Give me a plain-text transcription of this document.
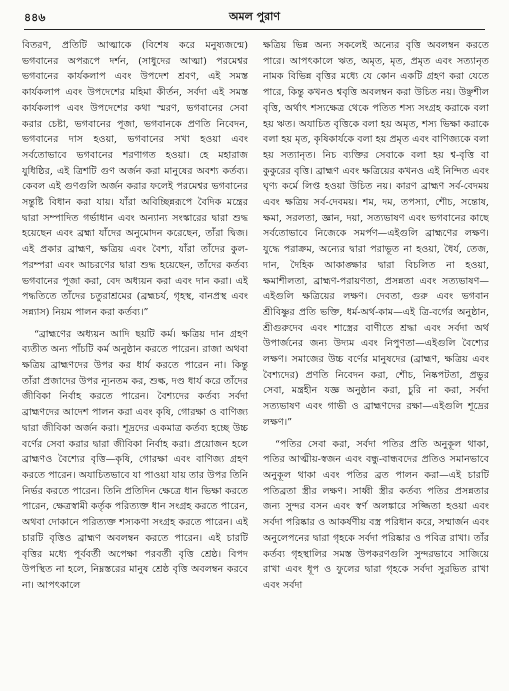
৪৪৬	অমল পুরাণ

বিতরণ, প্রতিটি আত্মাকে (বিশেষ করে মনুষ্যজন্মে) ভগবানের অপরূপে দর্শন, (সাধুদের আত্মা) পরমেশ্বর ভগবানের কার্যকলাপ এবং উপদেশ শ্রবণ, এই সমস্ত কার্যকলাপ এবং উপদেশের মহিমা কীর্তন, সর্বদা এই সমস্ত কার্যকলাপ এবং উপদেশের কথা স্মরণ, ভগবানের সেবা করার চেষ্টা, ভগবানের পূজা, ভগবানকে প্রণতি নিবেদন, ভগবানের দাস হওয়া, ভগবানের সখা হওয়া এবং সর্বতোভাবে ভগবানের শরণাগত হওয়া। হে মহারাজ যুধিষ্ঠির, এই ত্রিশটি গুণ অর্জন করা মানুষের অবশ্য কর্তব্য। কেবল এই গুণগুলি অর্জন করার ফলেই পরমেশ্বর ভগবানের সন্তুষ্টি বিধান করা যায়। যাঁরা অবিচ্ছিন্নরূপে বৈদিক মন্ত্রের দ্বারা সম্পাদিত গর্ভাধান এবং অন্যান্য সংস্কারের দ্বারা শুদ্ধ হয়েছেন এবং ব্রহ্মা যাঁদের অনুমোদন করেছেন, তাঁরা দ্বিজ। এই প্রকার ব্রাহ্মণ, ক্ষত্রিয় এবং বৈশ্য, যাঁরা তাঁদের কুল-পরম্পরা এবং আচরণের দ্বারা শুদ্ধ হয়েছেন, তাঁদের কর্তব্য ভগবানের পূজা করা, বেদ অধ্যয়ন করা এবং দান করা। এই পদ্ধতিতে তাঁদের চতুরাশ্রমের (ব্রহ্মচর্য, গৃহস্থ, বানপ্রস্থ এবং সন্ন্যাস) নিয়ম পালন করা কর্তব্য।”

“ব্রাহ্মণের অধ্যয়ন আদি ছয়টি কর্ম। ক্ষত্রিয় দান গ্রহণ ব্যতীত অন্য পাঁচটি কর্ম অনুষ্ঠান করতে পারেন। রাজা অথবা ক্ষত্রিয় ব্রাহ্মণদের উপর কর ধার্য করতে পারেন না। কিন্তু তাঁরা প্রজাদের উপর ন্যূনতম কর, শুল্ক, দণ্ড ধার্য করে তাঁদের জীবিকা নির্বাহ করতে পারেন। বৈশ্যদের কর্তব্য সর্বদা ব্রাহ্মণদের আদেশ পালন করা এবং কৃষি, গোরক্ষা ও বাণিজ্য দ্বারা জীবিকা অর্জন করা। শূদ্রদের একমাত্র কর্তব্য হচ্ছে উচ্চ বর্ণের সেবা করার দ্বারা জীবিকা নির্বাহ করা। প্রয়োজন হলে ব্রাহ্মণও বৈশ্যের বৃত্তি—কৃষি, গোরক্ষা এবং বাণিজ্য গ্রহণ করতে পারেন। অযাচিতভাবে যা পাওয়া যায় তার উপর তিনি নির্ভর করতে পারেন। তিনি প্রতিদিন ক্ষেত্রে ধান ভিক্ষা করতে পারেন, ক্ষেত্রস্বামী কর্তৃক পরিত্যক্ত ধান সংগ্রহ করতে পারেন, অথবা দোকানে পরিত্যক্ত শস্যকণা সংগ্রহ করতে পারেন। এই চারটি বৃত্তিও ব্রাহ্মণ অবলম্বন করতে পারেন। এই চারটি বৃত্তির মধ্যে পূর্ববর্তী অপেক্ষা পরবর্তী বৃত্তি শ্রেষ্ঠ। বিপদ উপস্থিত না হলে, নিম্নস্তরের মানুষ শ্রেষ্ঠ বৃত্তি অবলম্বন করবে না। আপৎকালে

ক্ষত্রিয় ভিন্ন অন্য সকলেই অন্যের বৃত্তি অবলম্বন করতে পারে। আপৎকালে ঋত, অমৃত, মৃত, প্রমৃত এবং সত্যানৃত নামক বিভিন্ন বৃত্তির মধ্যে যে কোন একটি গ্রহণ করা যেতে পারে, কিন্তু কখনও শ্ববৃত্তি অবলম্বন করা উচিত নয়। উঞ্ছশীল বৃত্তি, অর্থাৎ শস্যক্ষেত্র থেকে পতিত শস্য সংগ্রহ করাকে বলা হয় ঋত। অযাচিত বৃত্তিকে বলা হয় অমৃত, শস্য ভিক্ষা করাকে বলা হয় মৃত, কৃষিকার্যকে বলা হয় প্রমৃত এবং বাণিজ্যকে বলা হয় সত্যানৃত। নিচ ব্যক্তির সেবাকে বলা হয় শ্ব-বৃত্তি বা কুকুরের বৃত্তি। ব্রাহ্মণ এবং ক্ষত্রিয়ের কখনও এই নিন্দিত এবং ঘৃণ্য কর্মে লিপ্ত হওয়া উচিত নয়। কারণ ব্রাহ্মণ সর্ব-বেদময় এবং ক্ষত্রিয় সর্ব-দেবময়। শম, দম, তপস্যা, শৌচ, সন্তোষ, ক্ষমা, সরলতা, জ্ঞান, দয়া, সত্যভাষণ এবং ভগবানের কাছে সর্বতোভাবে নিজেকে সমর্পণ—এইগুলি ব্রাহ্মণের লক্ষণ। যুদ্ধে পরাক্রম, অন্যের দ্বারা পরাভূত না হওয়া, ধৈর্য, তেজ, দান, দৈহিক আকাঙ্ক্ষার দ্বারা বিচলিত না হওয়া, ক্ষমাশীলতা, ব্রাহ্মণ-পরায়ণতা, প্রসন্নতা এবং সত্যভাষণ—এইগুলি ক্ষত্রিয়ের লক্ষণ। দেবতা, গুরু এবং ভগবান শ্রীবিষ্ণুর প্রতি ভক্তি, ধর্ম-অর্থ-কাম—এই ত্রি-বর্গের অনুষ্ঠান, শ্রীগুরুদেব এবং শাস্ত্রের বাণীতে শ্রদ্ধা এবং সর্বদা অর্থ উপার্জনের জন্য উদ্যম এবং নিপুণতা—এইগুলি বৈশ্যের লক্ষণ। সমাজের উচ্চ বর্ণের মানুষদের (ব্রাহ্মণ, ক্ষত্রিয় এবং বৈশ্যদের) প্রণতি নিবেদন করা, শৌচ, নিষ্কপটতা, প্রভুর সেবা, মন্ত্রহীন যজ্ঞ অনুষ্ঠান করা, চুরি না করা, সর্বদা সত্যভাষণ এবং গাভী ও ব্রাহ্মণদের রক্ষা—এইগুলি শূদ্রের লক্ষণ।”

“পতির সেবা করা, সর্বদা পতির প্রতি অনুকূল থাকা, পতির আত্মীয়-স্বজন এবং বন্ধু-বান্ধবদের প্রতিও সমানভাবে অনুকূল থাকা এবং পতির ব্রত পালন করা—এই চারটি পতিব্রতা স্ত্রীর লক্ষণ। সাধ্বী স্ত্রীর কর্তব্য পতির প্রসন্নতার জন্য সুন্দর বসন এবং স্বর্ণ অলঙ্কারে সজ্জিতা হওয়া এবং সর্বদা পরিষ্কার ও আকর্ষণীয় বস্ত্র পরিধান করে, সম্মার্জন এবং অনুলেপনের দ্বারা গৃহকে সর্বদা পরিষ্কার ও পবিত্র রাখা। তাঁর কর্তব্য গৃহস্থালির সমস্ত উপকরণগুলি সুন্দরভাবে সাজিয়ে রাখা এবং ধূপ ও ফুলের দ্বারা গৃহকে সর্বদা সুরভিত রাখা এবং সর্বদা
